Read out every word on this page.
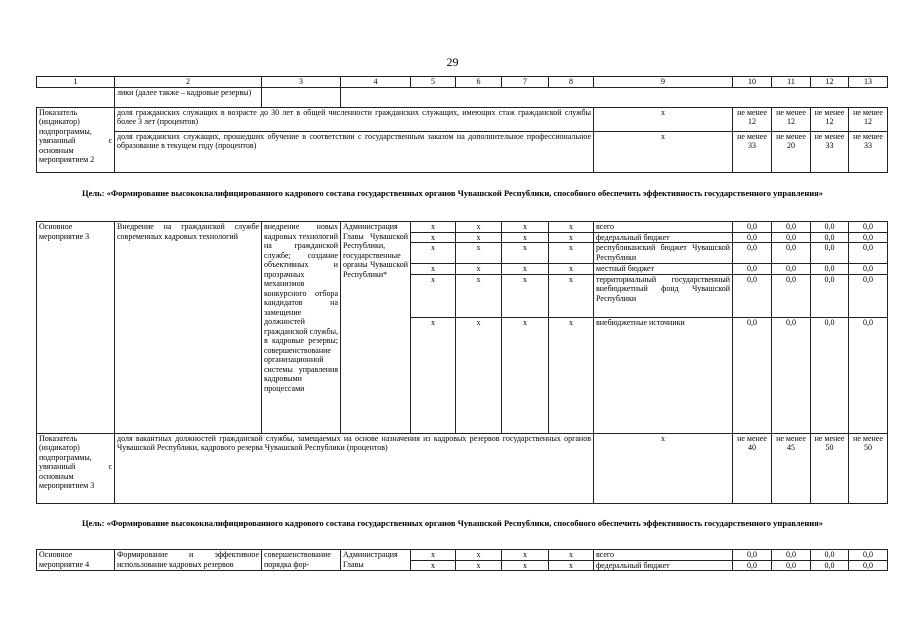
29
1	2	3	4	5	6	7	8	9	10	11	12	13
	лики (далее также – кадровые резервы)											
Показатель (индикатор) подпрограммы, увязанный с основным мероприятием 2	доля гражданских служащих в возрасте до 30 лет в общей численности гражданских служащих, имеющих стаж гражданской службы более 3 лет (процентов)							x	не менее 12	не менее 12	не менее 12	не менее 12
	доля гражданских служащих, прошедших обучение в соответствии с государственным заказом на дополнительное профессиональное образование в текущем году (процентов)							x	не менее 33	не менее 20	не менее 33	не менее 33
Цель: «Формирование высококвалифицированного кадрового состава государственных органов Чувашской Республики, способного обеспечить эффективность государственного управления»
Основное мероприятие 3	Внедрение на гражданской службе современных кадровых технологий	внедрение новых кадровых технологий на гражданской службе; создание объективных и прозрачных механизмов конкурсного отбора кандидатов на замещение должностей гражданской службы, в кадровые резервы; совершенствование организационной системы управления кадровыми процессами	Администрация Главы Чувашской Республики, государственные органы Чувашской Республики*	x	x	x	x	всего	0,0	0,0	0,0	0,0
				x	x	x	x	федеральный бюджет	0,0	0,0	0,0	0,0
				x	x	x	x	республиканский бюджет Чувашской Республики	0,0	0,0	0,0	0,0
				x	x	x	x	местный бюджет	0,0	0,0	0,0	0,0
				x	x	x	x	территориальный государственный внебюджетный фонд Чувашской Республики	0,0	0,0	0,0	0,0
				x	x	x	x	внебюджетные источники	0,0	0,0	0,0	0,0
Показатель (индикатор) подпрограммы, увязанный с основным мероприятием 3	доля вакантных должностей гражданской службы, замещаемых на основе назначения из кадровых резервов государственных органов Чувашской Республики, кадрового резерва Чувашской Республики (процентов)							x	не менее 40	не менее 45	не менее 50	не менее 50
Цель: «Формирование высококвалифицированного кадрового состава государственных органов Чувашской Республики, способного обеспечить эффективность государственного управления»
Основное мероприятие 4	Формирование и эффективное использование кадровых резервов	совершенствование порядка фор-	Администрация Главы	x	x	x	x	всего	0,0	0,0	0,0	0,0
				x	x	x	x	федеральный бюджет	0,0	0,0	0,0	0,0
